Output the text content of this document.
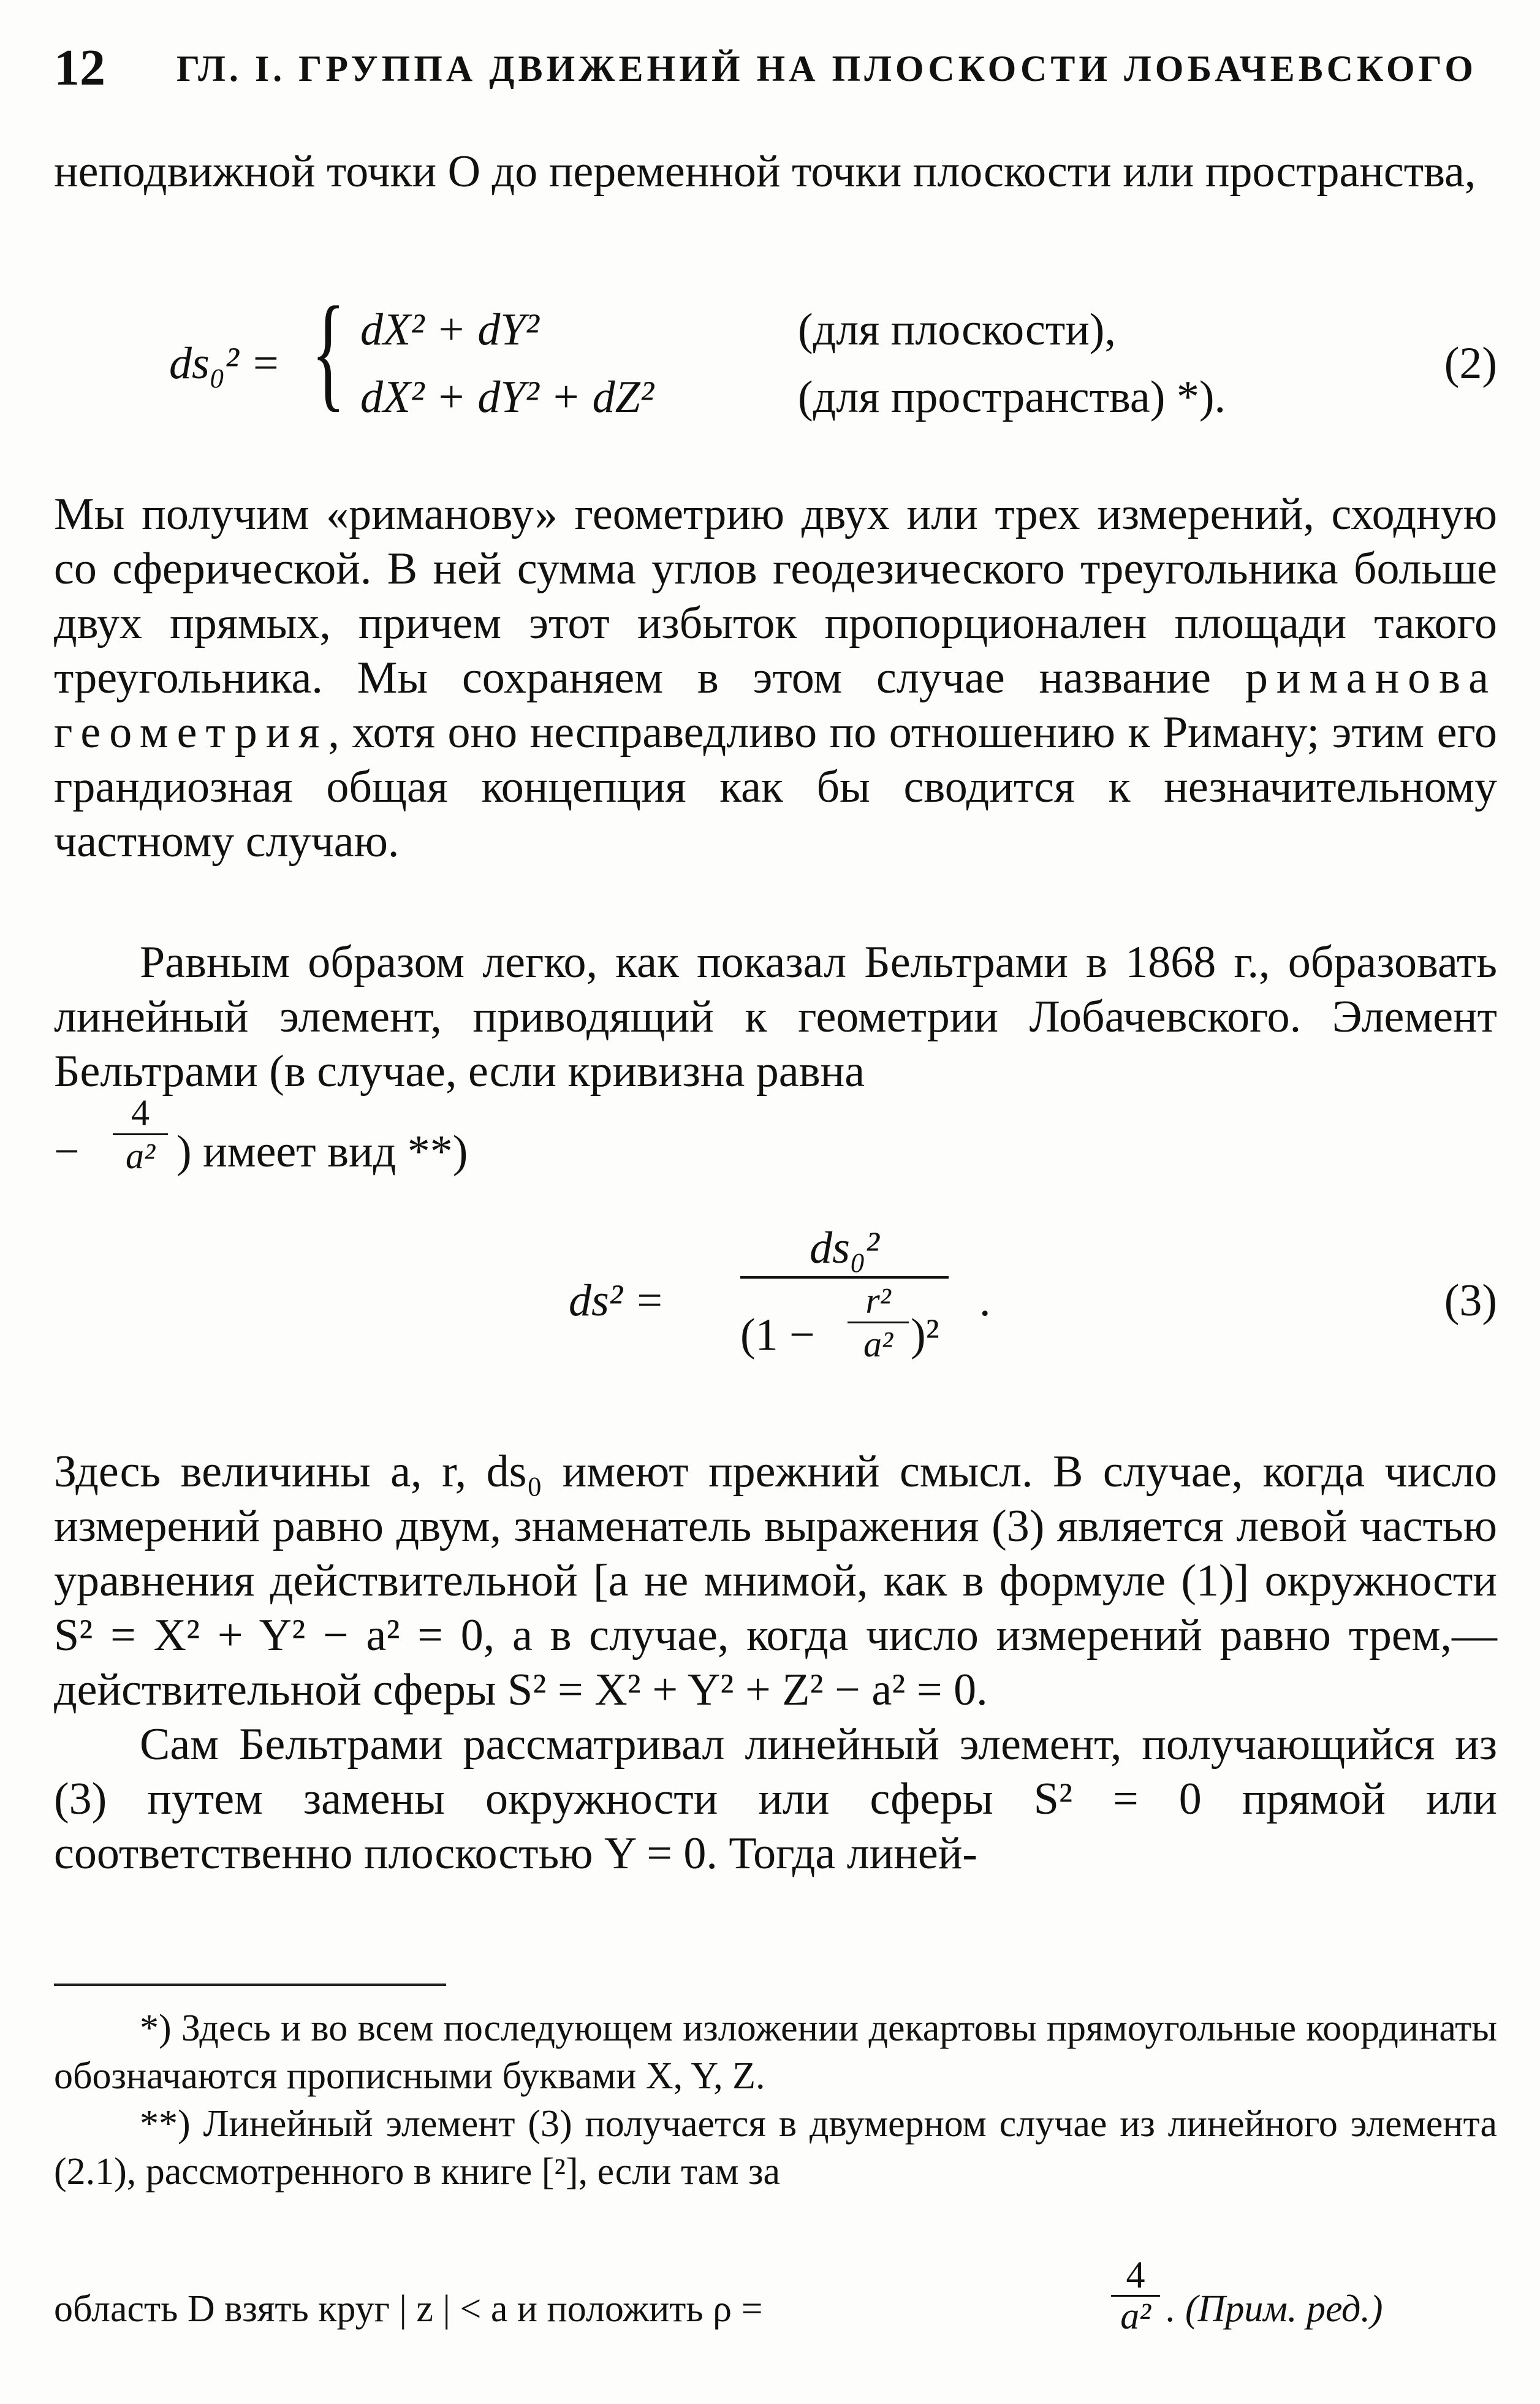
12 ГЛ. I. ГРУППА ДВИЖЕНИЙ НА ПЛОСКОСТИ ЛОБАЧЕВСКОГО

неподвижной точки O до переменной точки плоскости или пространства,

ds₀² = { dX² + dY²	(для плоскости),
dX² + dY² + dZ²	(для пространства) *).
(2)

Мы получим «риманову» геометрию двух или трех измерений, сходную со сферической. В ней сумма углов геодезического треугольника больше двух прямых, причем этот избыток пропорционален площади такого треугольника. Мы сохраняем в этом случае название риманова геометрия, хотя оно несправедливо по отношению к Риману; этим его грандиозная общая концепция как бы сводится к незначительному частному случаю.

Равным образом легко, как показал Бельтрами в 1868 г., образовать линейный элемент, приводящий к геометрии Лобачевского. Элемент Бельтрами (в случае, если кривизна равна

−
4
a² ) имеет вид **)
ds² =
ds₀²
(1 −
r²
a² )²
.	(3)

Здесь величины a, r, ds₀ имеют прежний смысл. В случае, когда число измерений равно двум, знаменатель выражения (3) является левой частью уравнения действительной [а не мнимой, как в формуле (1)] окружности S² = X² + Y² − a² = 0, а в случае, когда число измерений равно трем,— действительной сферы S² = X² + Y² + Z² − a² = 0.

Сам Бельтрами рассматривал линейный элемент, получающийся из (3) путем замены окружности или сферы S² = 0 прямой или соответственно плоскостью Y = 0. Тогда линей-

*) Здесь и во всем последующем изложении декартовы прямоугольные координаты обозначаются прописными буквами X, Y, Z.

**) Линейный элемент (3) получается в двумерном случае из линейного элемента (2.1), рассмотренного в книге [²], если там за

область D взять круг | z | < a и положить ρ =
4
a² . (Прим. ред.)
